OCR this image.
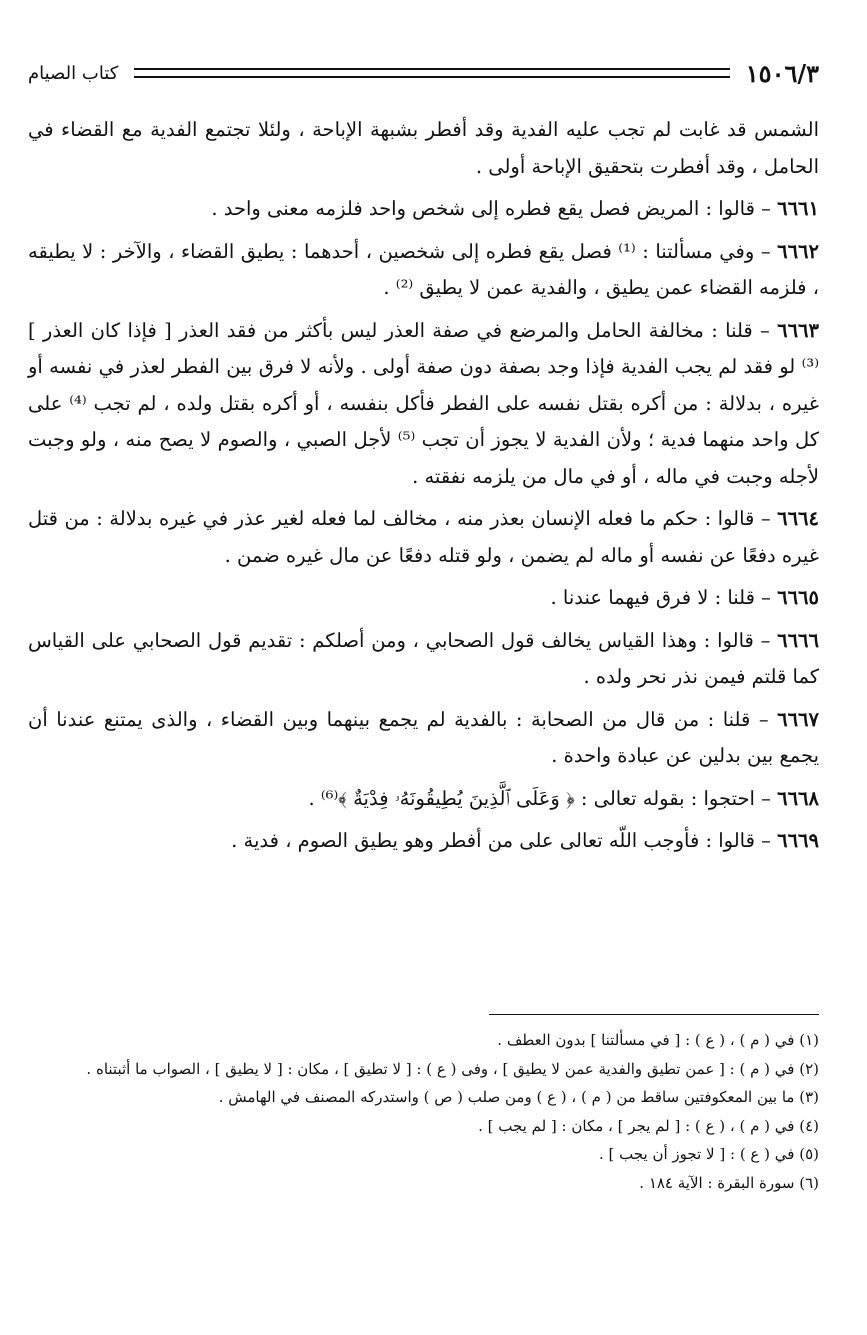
١٥٠٦/٣
كتاب الصيام

الشمس قد غابت لم تجب عليه الفدية وقد أفطر بشبهة الإباحة ، ولئلا تجتمع الفدية مع القضاء في الحامل ، وقد أفطرت بتحقيق الإباحة أولى .

٦٦٦١ – قالوا : المريض فصل يقع فطره إلى شخص واحد فلزمه معنى واحد .

٦٦٦٢ – وفي مسألتنا : ⁽¹⁾ فصل يقع فطره إلى شخصين ، أحدهما : يطيق القضاء ، والآخر : لا يطيقه ، فلزمه القضاء عمن يطيق ، والفدية عمن لا يطيق ⁽²⁾ .

٦٦٦٣ – قلنا : مخالفة الحامل والمرضع في صفة العذر ليس بأكثر من فقد العذر [ فإذا كان العذر ] ⁽³⁾ لو فقد لم يجب الفدية فإذا وجد بصفة دون صفة أولى . ولأنه لا فرق بين الفطر لعذر في نفسه أو غيره ، بدلالة : من أكره بقتل نفسه على الفطر فأكل بنفسه ، أو أكره بقتل ولده ، لم تجب ⁽⁴⁾ على كل واحد منهما فدية ؛ ولأن الفدية لا يجوز أن تجب ⁽⁵⁾ لأجل الصبي ، والصوم لا يصح منه ، ولو وجبت لأجله وجبت في ماله ، أو في مال من يلزمه نفقته .

٦٦٦٤ – قالوا : حكم ما فعله الإنسان بعذر منه ، مخالف لما فعله لغير عذر في غيره بدلالة : من قتل غيره دفعًا عن نفسه أو ماله لم يضمن ، ولو قتله دفعًا عن مال غيره ضمن .

٦٦٦٥ – قلنا : لا فرق فيهما عندنا .

٦٦٦٦ – قالوا : وهذا القياس يخالف قول الصحابي ، ومن أصلكم : تقديم قول الصحابي على القياس كما قلتم فيمن نذر نحر ولده .

٦٦٦٧ – قلنا : من قال من الصحابة : بالفدية لم يجمع بينهما وبين القضاء ، والذى يمتنع عندنا أن يجمع بين بدلين عن عبادة واحدة .

٦٦٦٨ – احتجوا : بقوله تعالى : ﴿ وَعَلَى ٱلَّذِينَ يُطِيقُونَهُۥ فِدْيَةٌ ﴾⁽⁶⁾ .

٦٦٦٩ – قالوا : فأوجب اللّه تعالى على من أفطر وهو يطيق الصوم ، فدية .

(١) في ( م ) ، ( ع ) : [ في مسألتنا ] بدون العطف .

(٢) في ( م ) : [ عمن تطيق والفدية عمن لا يطيق ] ، وفى ( ع ) : [ لا تطيق ] ، مكان : [ لا يطيق ] ، الصواب ما أثبتناه .

(٣) ما بين المعكوفتين ساقط من ( م ) ، ( ع ) ومن صلب ( ص ) واستدركه المصنف في الهامش .

(٤) في ( م ) ، ( ع ) : [ لم يجر ] ، مكان : [ لم يجب ] .

(٥) في ( ع ) : [ لا تجوز أن يجب ] .

(٦) سورة البقرة : الآية ١٨٤ .
